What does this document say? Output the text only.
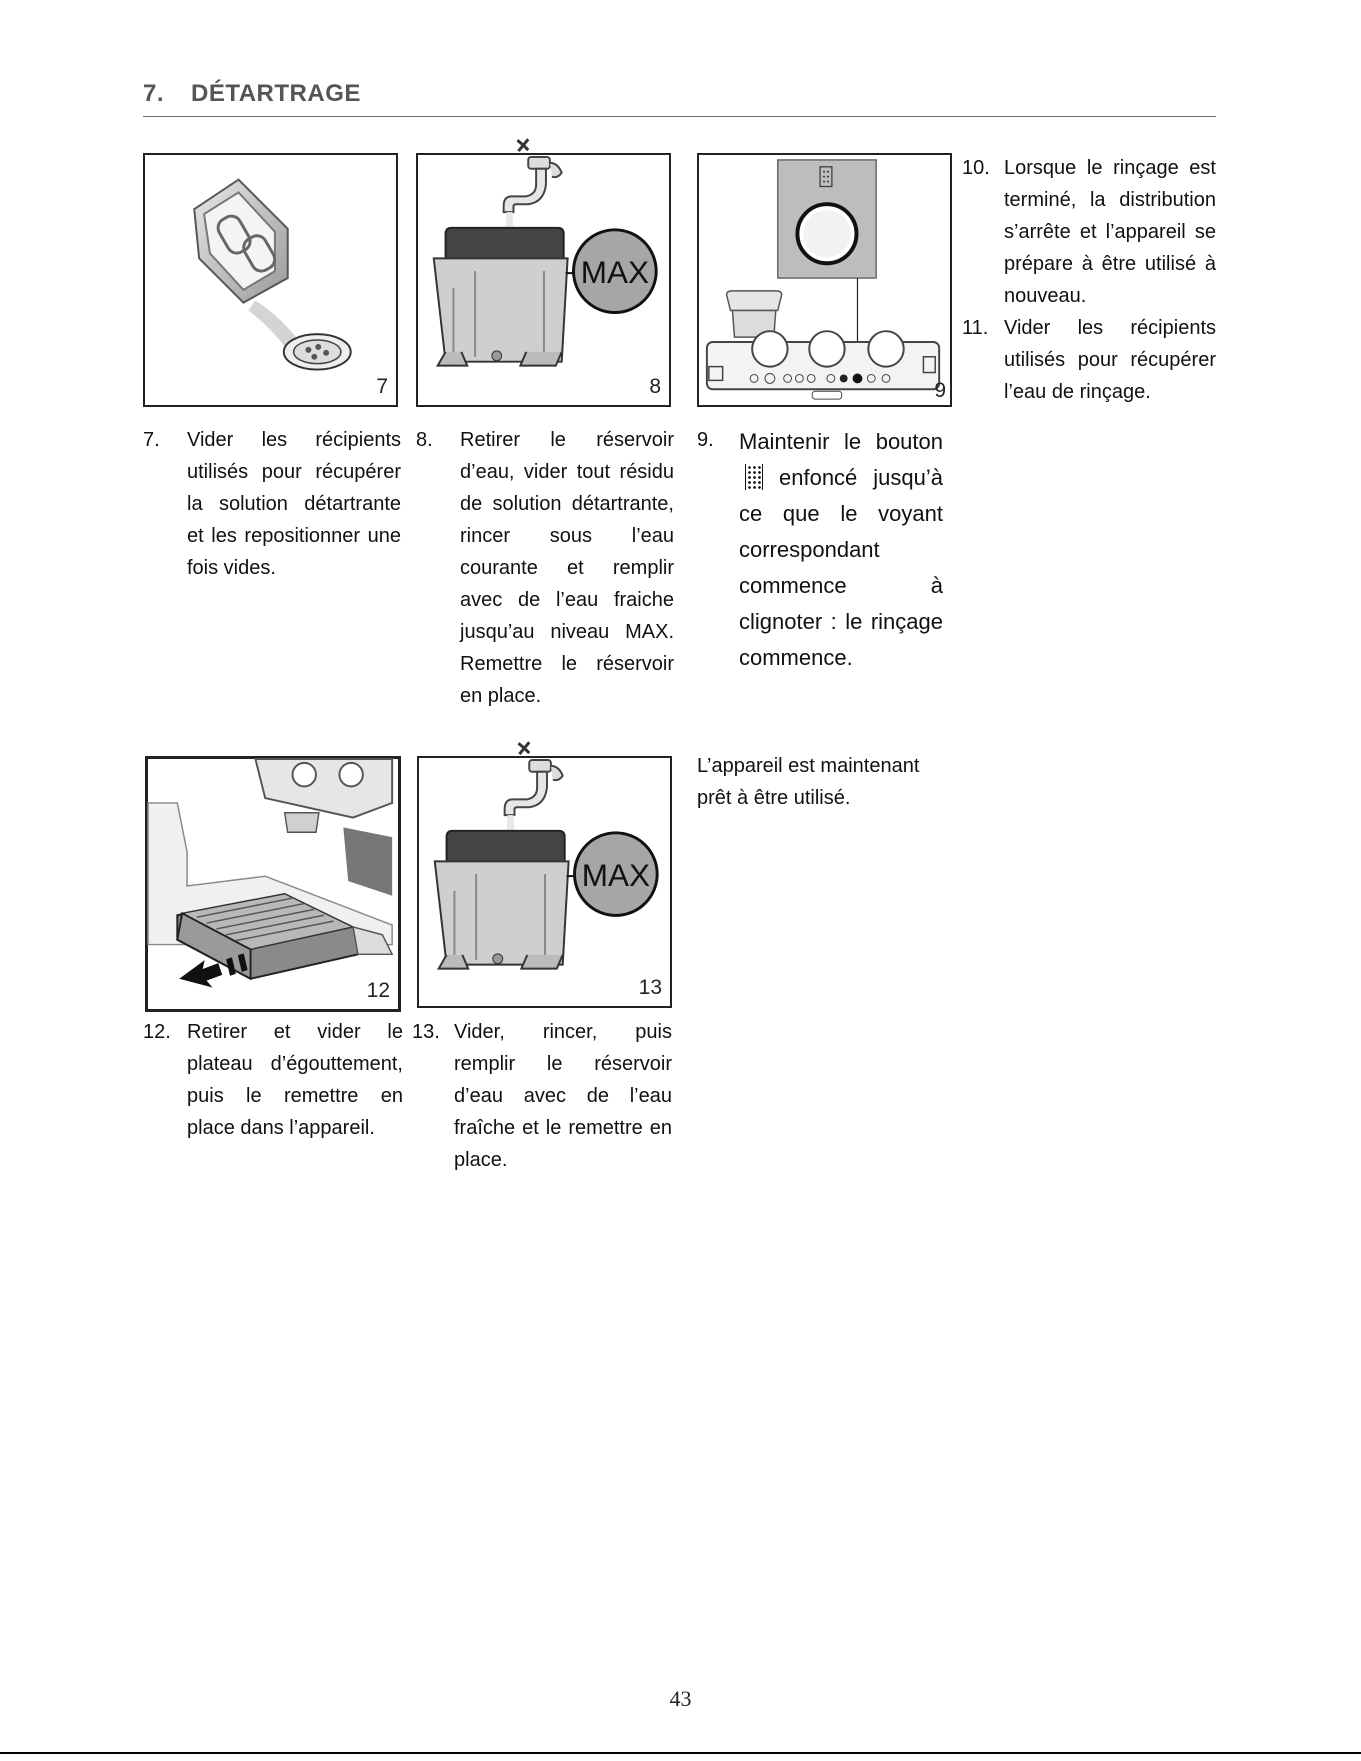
7. DÉTARTRAGE
7
MAX
8	9
7. Vider les récipients utilisés pour récupérer la solution détartrante et les repositionner une fois vides.
8. Retirer le réservoir d’eau, vider tout résidu de solution détartrante, rincer sous l’eau courante et remplir avec de l’eau fraiche jusqu’au niveau MAX. Remettre le réservoir en place.
9. Maintenir le bouton enfoncé jusqu’à ce que le voyant correspondant commence à clignoter : le rinçage commence.
10. Lorsque le rinçage est terminé, la distribution s’arrête et l’appareil se prépare à être utilisé à nouveau.
11. Vider les récipients utilisés pour récupérer l’eau de rinçage.
12
MAX
13
L’appareil est maintenant prêt à être utilisé.
12. Retirer et vider le plateau d’égouttement, puis le remettre en place dans l’appareil.
13. Vider, rincer, puis remplir le réservoir d’eau avec de l’eau fraîche et le remettre en place.
43
